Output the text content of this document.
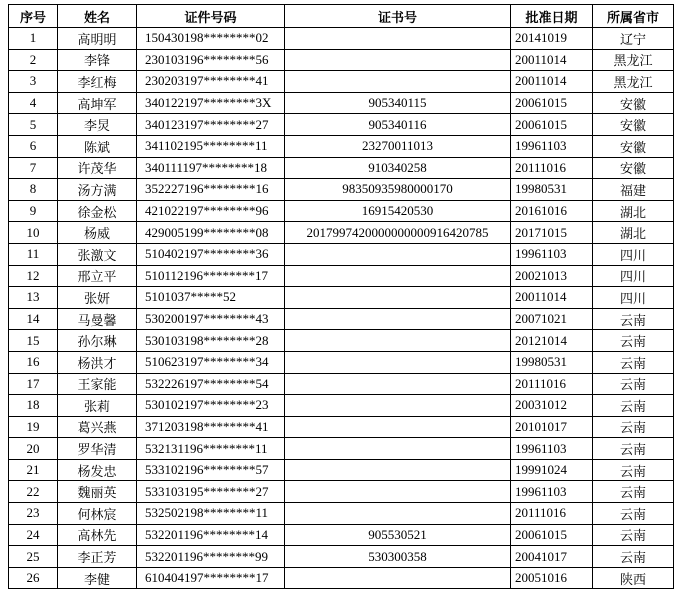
序号	姓名	证件号码	证书号	批准日期	所属省市
1	高明明	150430198********02		20141019	辽宁
2	李锋	230103196********56		20011014	黑龙江
3	李红梅	230203197********41		20011014	黑龙江
4	高坤军	340122197********3X	905340115	20061015	安徽
5	李炅	340123197********27	905340116	20061015	安徽
6	陈斌	341102195********11	23270011013	19961103	安徽
7	许茂华	340111197********18	910340258	20111016	安徽
8	汤方满	352227196********16	98350935980000170	19980531	福建
9	徐金松	421022197********96	16915420530	20161016	湖北
10	杨威	429005199********08	2017997420000000000916420785	20171015	湖北
11	张激文	510402197********36		19961103	四川
12	邢立平	510112196********17		20021013	四川
13	张妍	5101037*****52		20011014	四川
14	马曼馨	530200197********43		20071021	云南
15	孙尔琳	530103198********28		20121014	云南
16	杨洪才	510623197********34		19980531	云南
17	王家能	532226197********54		20111016	云南
18	张莉	530102197********23		20031012	云南
19	葛兴燕	371203198********41		20101017	云南
20	罗华清	532131196********11		19961103	云南
21	杨发忠	533102196********57		19991024	云南
22	魏丽英	533103195********27		19961103	云南
23	何林宸	532502198********11		20111016	云南
24	高林先	532201196********14	905530521	20061015	云南
25	李正芳	532201196********99	530300358	20041017	云南
26	李健	610404197********17		20051016	陕西
